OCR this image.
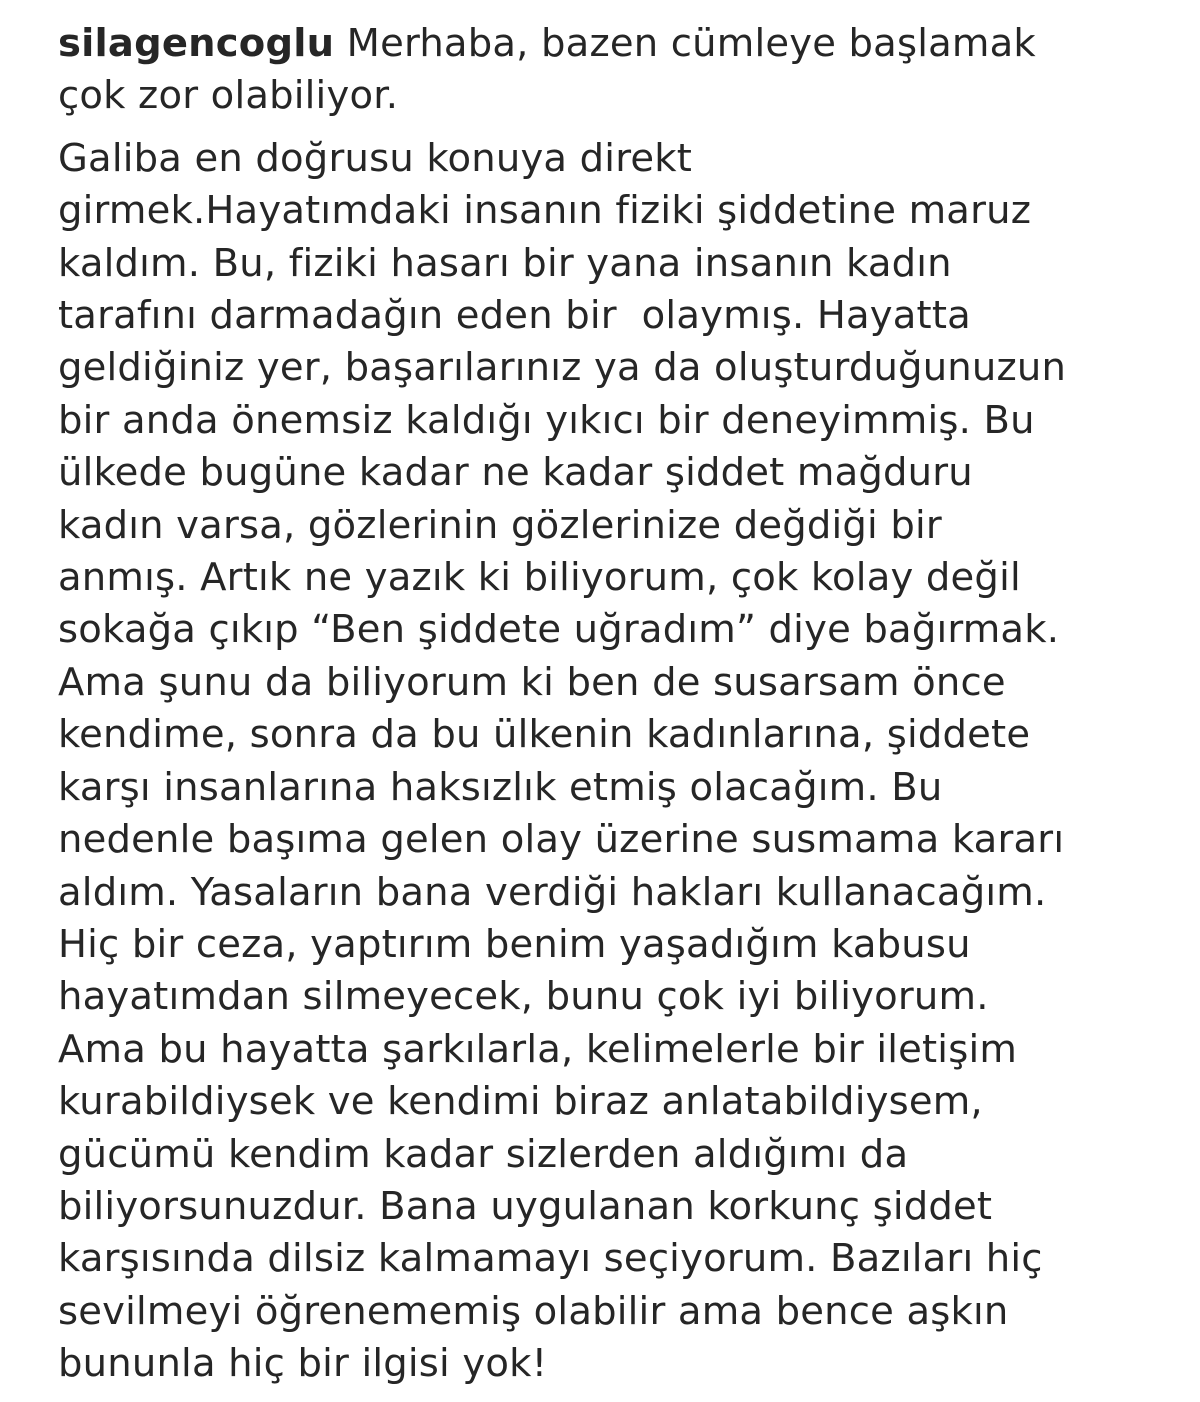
silagencoglu Merhaba, bazen cümleye başlamak
çok zor olabiliyor.
Galiba en doğrusu konuya direkt
girmek.Hayatımdaki insanın fiziki şiddetine maruz
kaldım. Bu, fiziki hasarı bir yana insanın kadın
tarafını darmadağın eden bir  olaymış. Hayatta
geldiğiniz yer, başarılarınız ya da oluşturduğunuzun
bir anda önemsiz kaldığı yıkıcı bir deneyimmiş. Bu
ülkede bugüne kadar ne kadar şiddet mağduru
kadın varsa, gözlerinin gözlerinize değdiği bir
anmış. Artık ne yazık ki biliyorum, çok kolay değil
sokağa çıkıp “Ben şiddete uğradım” diye bağırmak.
Ama şunu da biliyorum ki ben de susarsam önce
kendime, sonra da bu ülkenin kadınlarına, şiddete
karşı insanlarına haksızlık etmiş olacağım. Bu
nedenle başıma gelen olay üzerine susmama kararı
aldım. Yasaların bana verdiği hakları kullanacağım.
Hiç bir ceza, yaptırım benim yaşadığım kabusu
hayatımdan silmeyecek, bunu çok iyi biliyorum.
Ama bu hayatta şarkılarla, kelimelerle bir iletişim
kurabildiysek ve kendimi biraz anlatabildiysem,
gücümü kendim kadar sizlerden aldığımı da
biliyorsunuzdur. Bana uygulanan korkunç şiddet
karşısında dilsiz kalmamayı seçiyorum. Bazıları hiç
sevilmeyi öğrenememiş olabilir ama bence aşkın
bununla hiç bir ilgisi yok!
